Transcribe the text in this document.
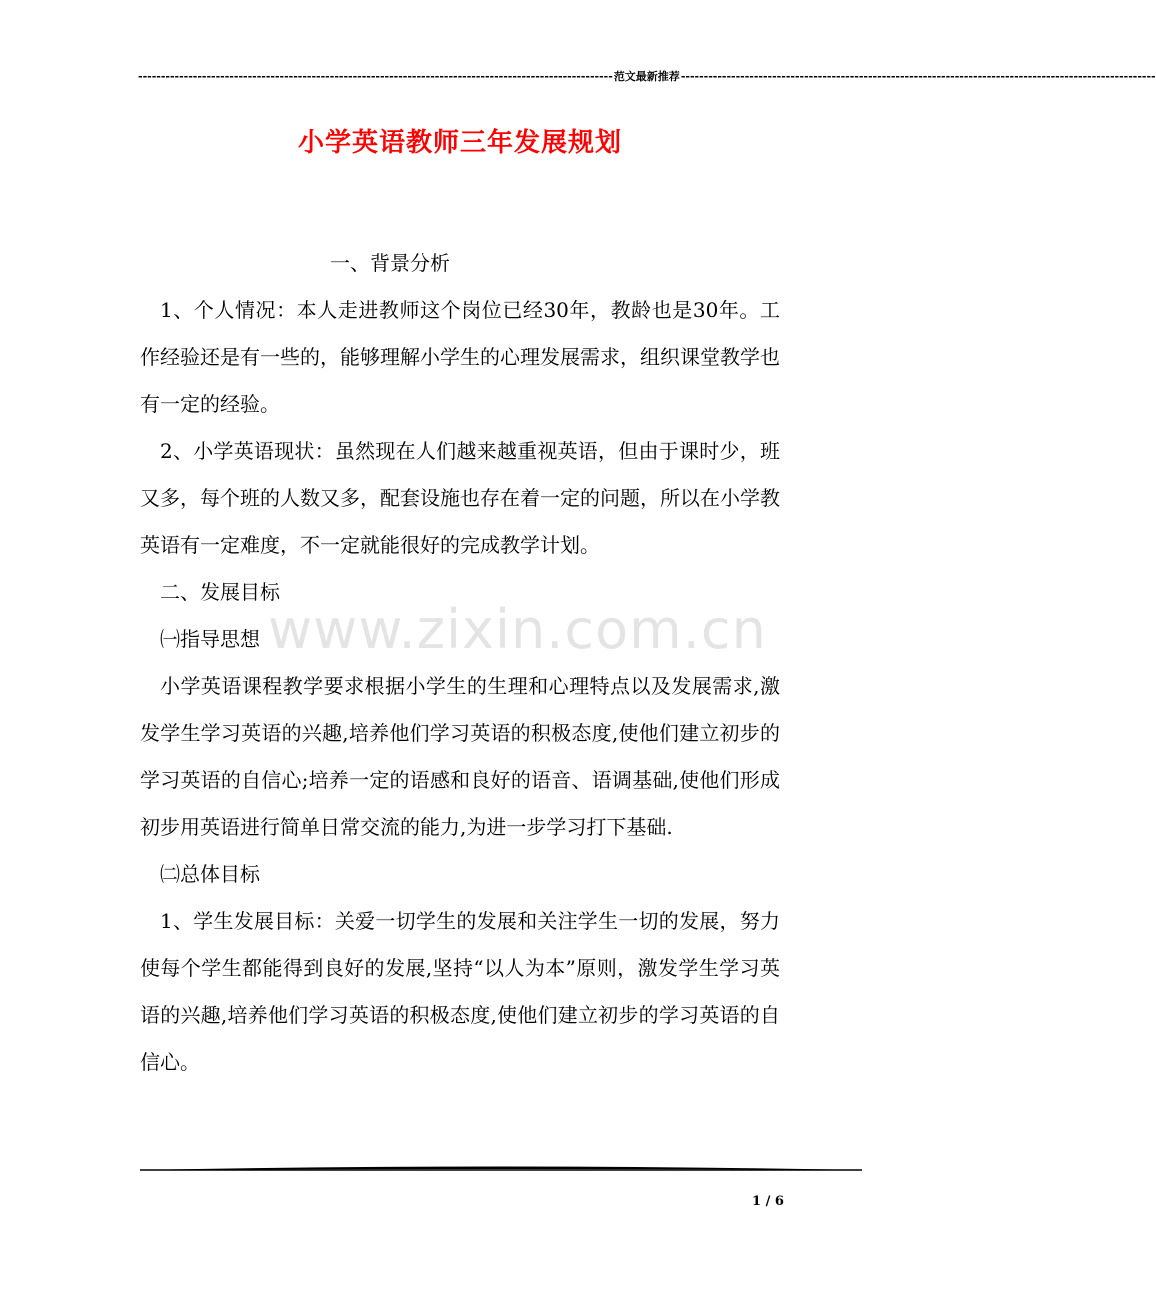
-------------------------------------------------------------------------------------------------------- 范文最新推荐 --------------------------------------------------------------------------------------------------------
小学英语教师三年发展规划
www.zixin.com.cn

一、背景分析

1、个人情况：本人走进教师这个岗位已经30年，教龄也是30年。工作经验还是有一些的，能够理解小学生的心理发展需求，组织课堂教学也有一定的经验。

2、小学英语现状：虽然现在人们越来越重视英语，但由于课时少，班又多，每个班的人数又多，配套设施也存在着一定的问题，所以在小学教英语有一定难度，不一定就能很好的完成教学计划。

二、发展目标

㈠指导思想

小学英语课程教学要求根据小学生的生理和心理特点以及发展需求,激发学生学习英语的兴趣,培养他们学习英语的积极态度,使他们建立初步的学习英语的自信心;培养一定的语感和良好的语音、语调基础,使他们形成初步用英语进行简单日常交流的能力,为进一步学习打下基础.

㈡总体目标

1、学生发展目标：关爱一切学生的发展和关注学生一切的发展，努力使每个学生都能得到良好的发展,坚持“以人为本”原则，激发学生学习英语的兴趣,培养他们学习英语的积极态度,使他们建立初步的学习英语的自信心。

1 / 6
